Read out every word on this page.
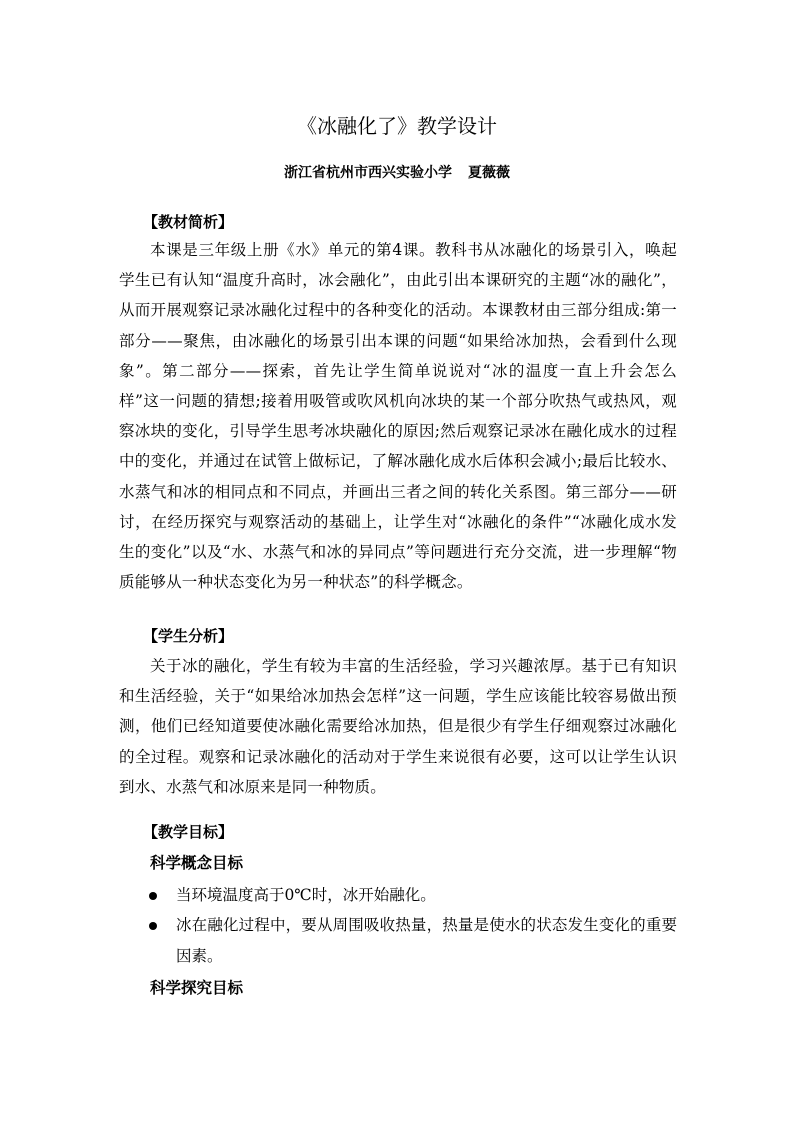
《冰融化了》教学设计
浙江省杭州市西兴实验小学 夏薇薇
【教材简析】
本课是三年级上册《水》单元的第4课。教科书从冰融化的场景引入，唤起学生已有认知“温度升高时，冰会融化”，由此引出本课研究的主题“冰的融化”，从而开展观察记录冰融化过程中的各种变化的活动。本课教材由三部分组成:第一部分——聚焦，由冰融化的场景引出本课的问题“如果给冰加热，会看到什么现象”。第二部分——探索，首先让学生简单说说对“冰的温度一直上升会怎么样”这一问题的猜想;接着用吸管或吹风机向冰块的某一个部分吹热气或热风，观察冰块的变化，引导学生思考冰块融化的原因;然后观察记录冰在融化成水的过程中的变化，并通过在试管上做标记，了解冰融化成水后体积会减小;最后比较水、水蒸气和冰的相同点和不同点，并画出三者之间的转化关系图。第三部分——研讨，在经历探究与观察活动的基础上，让学生对“冰融化的条件”“冰融化成水发生的变化”以及“水、水蒸气和冰的异同点”等问题进行充分交流，进一步理解“物质能够从一种状态变化为另一种状态”的科学概念。
【学生分析】
关于冰的融化，学生有较为丰富的生活经验，学习兴趣浓厚。基于已有知识和生活经验，关于“如果给冰加热会怎样”这一问题，学生应该能比较容易做出预测，他们已经知道要使冰融化需要给冰加热，但是很少有学生仔细观察过冰融化的全过程。观察和记录冰融化的活动对于学生来说很有必要，这可以让学生认识到水、水蒸气和冰原来是同一种物质。
【教学目标】
科学概念目标
当环境温度高于0℃时，冰开始融化。
冰在融化过程中，要从周围吸收热量，热量是使水的状态发生变化的重要因素。
科学探究目标
